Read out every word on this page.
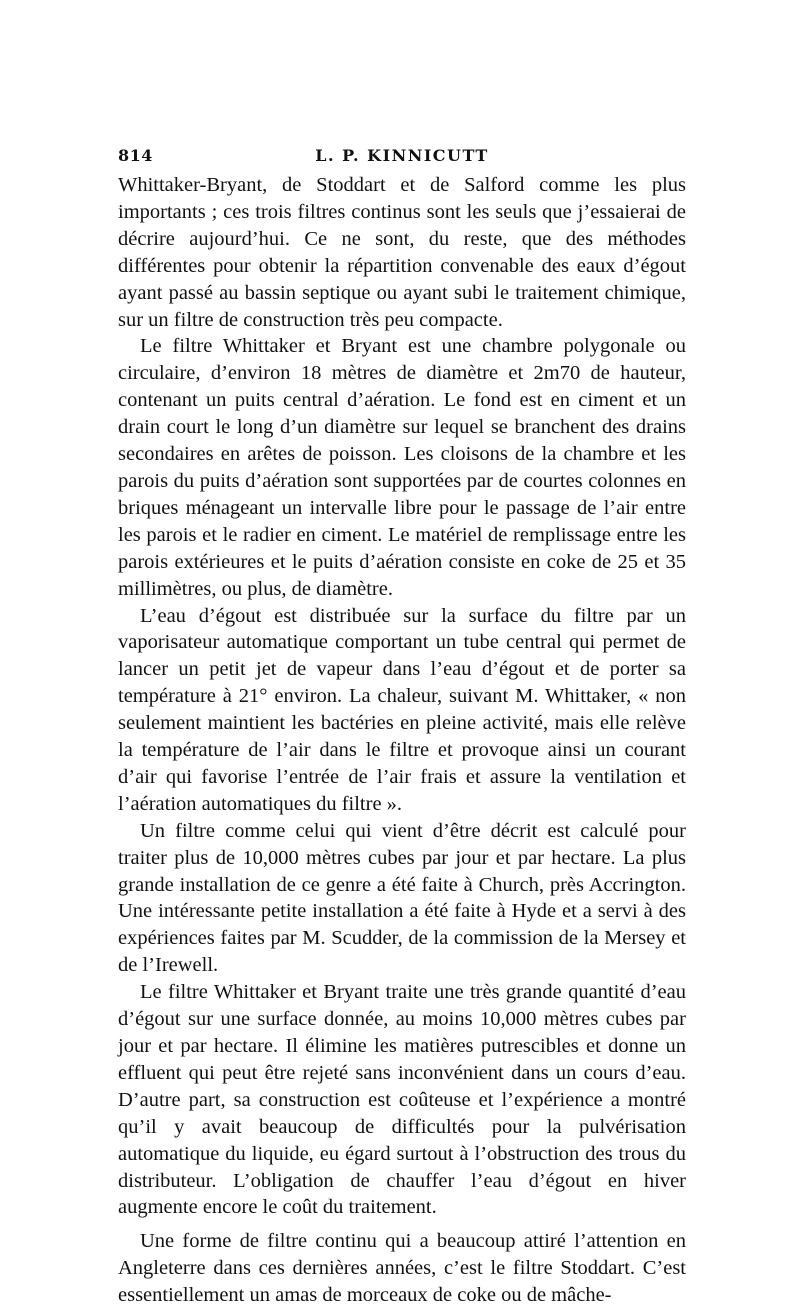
814	L. P. KINNICUTT

Whittaker-Bryant, de Stoddart et de Salford comme les plus importants ; ces trois filtres continus sont les seuls que j’essaierai de décrire aujourd’hui. Ce ne sont, du reste, que des méthodes différentes pour obtenir la répartition convenable des eaux d’égout ayant passé au bassin septique ou ayant subi le traitement chimique, sur un filtre de construction très peu compacte.

Le filtre Whittaker et Bryant est une chambre polygonale ou circulaire, d’environ 18 mètres de diamètre et 2m70 de hauteur, contenant un puits central d’aération. Le fond est en ciment et un drain court le long d’un diamètre sur lequel se branchent des drains secondaires en arêtes de poisson. Les cloisons de la chambre et les parois du puits d’aération sont supportées par de courtes colonnes en briques ménageant un intervalle libre pour le passage de l’air entre les parois et le radier en ciment. Le matériel de remplissage entre les parois extérieures et le puits d’aération consiste en coke de 25 et 35 millimètres, ou plus, de diamètre.

L’eau d’égout est distribuée sur la surface du filtre par un vaporisateur automatique comportant un tube central qui permet de lancer un petit jet de vapeur dans l’eau d’égout et de porter sa température à 21° environ. La chaleur, suivant M. Whittaker, « non seulement maintient les bactéries en pleine activité, mais elle relève la température de l’air dans le filtre et provoque ainsi un courant d’air qui favorise l’entrée de l’air frais et assure la ventilation et l’aération automatiques du filtre ».

Un filtre comme celui qui vient d’être décrit est calculé pour traiter plus de 10,000 mètres cubes par jour et par hectare. La plus grande installation de ce genre a été faite à Church, près Accrington. Une intéressante petite installation a été faite à Hyde et a servi à des expériences faites par M. Scudder, de la commission de la Mersey et de l’Irewell.

Le filtre Whittaker et Bryant traite une très grande quantité d’eau d’égout sur une surface donnée, au moins 10,000 mètres cubes par jour et par hectare. Il élimine les matières putrescibles et donne un effluent qui peut être rejeté sans inconvénient dans un cours d’eau. D’autre part, sa construction est coûteuse et l’expérience a montré qu’il y avait beaucoup de difficultés pour la pulvérisation automatique du liquide, eu égard surtout à l’obstruction des trous du distributeur. L’obligation de chauffer l’eau d’égout en hiver augmente encore le coût du traitement.

Une forme de filtre continu qui a beaucoup attiré l’attention en Angleterre dans ces dernières années, c’est le filtre Stoddart. C’est essentiellement un amas de morceaux de coke ou de mâche-
